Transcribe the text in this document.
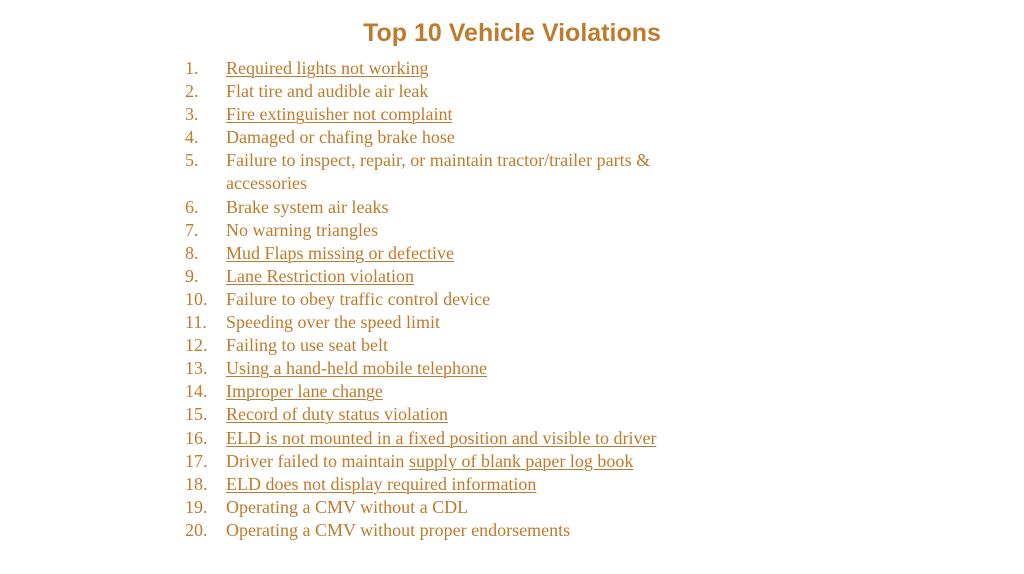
Top 10 Vehicle Violations
1. Required lights not working
2. Flat tire and audible air leak
3. Fire extinguisher not complaint
4. Damaged or chafing brake hose
5. Failure to inspect, repair, or maintain tractor/trailer parts & accessories
6. Brake system air leaks
7. No warning triangles
8. Mud Flaps missing or defective
9. Lane Restriction violation
10. Failure to obey traffic control device
11. Speeding over the speed limit
12. Failing to use seat belt
13. Using a hand-held mobile telephone
14. Improper lane change
15. Record of duty status violation
16. ELD is not mounted in a fixed position and visible to driver
17. Driver failed to maintain supply of blank paper log book
18. ELD does not display required information
19. Operating a CMV without a CDL
20. Operating a CMV without proper endorsements
